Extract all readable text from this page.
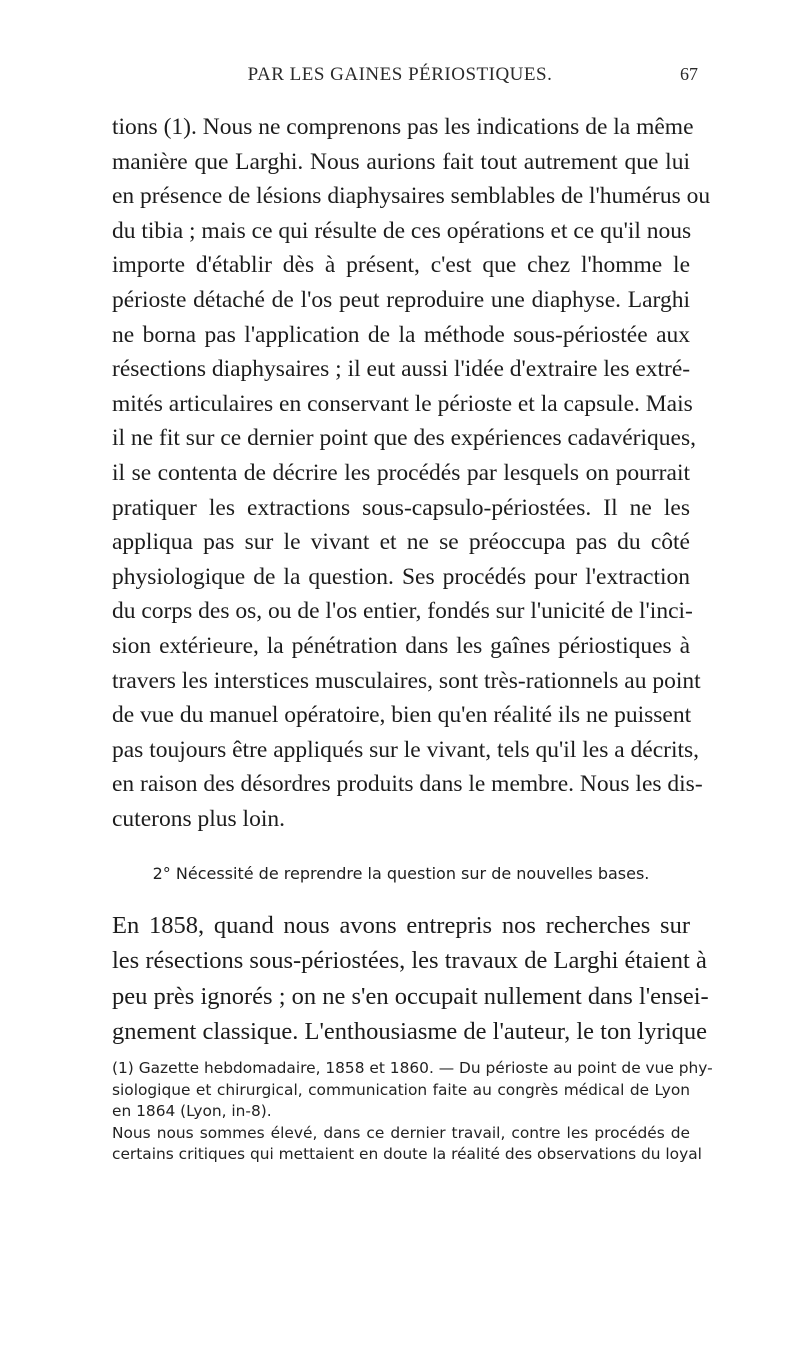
PAR LES GAINES PÉRIOSTIQUES.	67
tions (1). Nous ne comprenons pas les indications de la même
manière que Larghi. Nous aurions fait tout autrement que lui
en présence de lésions diaphysaires semblables de l'humérus ou
du tibia ; mais ce qui résulte de ces opérations et ce qu'il nous
importe d'établir dès à présent, c'est que chez l'homme le
périoste détaché de l'os peut reproduire une diaphyse. Larghi
ne borna pas l'application de la méthode sous-périostée aux
résections diaphysaires ; il eut aussi l'idée d'extraire les extré-
mités articulaires en conservant le périoste et la capsule. Mais
il ne fit sur ce dernier point que des expériences cadavériques,
il se contenta de décrire les procédés par lesquels on pourrait
pratiquer les extractions sous-capsulo-périostées. Il ne les
appliqua pas sur le vivant et ne se préoccupa pas du côté
physiologique de la question. Ses procédés pour l'extraction
du corps des os, ou de l'os entier, fondés sur l'unicité de l'inci-
sion extérieure, la pénétration dans les gaînes périostiques à
travers les interstices musculaires, sont très-rationnels au point
de vue du manuel opératoire, bien qu'en réalité ils ne puissent
pas toujours être appliqués sur le vivant, tels qu'il les a décrits,
en raison des désordres produits dans le membre. Nous les dis-
cuterons plus loin.
2° Nécessité de reprendre la question sur de nouvelles bases.
En 1858, quand nous avons entrepris nos recherches sur
les résections sous-périostées, les travaux de Larghi étaient à
peu près ignorés ; on ne s'en occupait nullement dans l'ensei-
gnement classique. L'enthousiasme de l'auteur, le ton lyrique
(1) Gazette hebdomadaire, 1858 et 1860. — Du périoste au point de vue phy-
siologique et chirurgical, communication faite au congrès médical de Lyon
en 1864 (Lyon, in-8).
Nous nous sommes élevé, dans ce dernier travail, contre les procédés de
certains critiques qui mettaient en doute la réalité des observations du loyal
